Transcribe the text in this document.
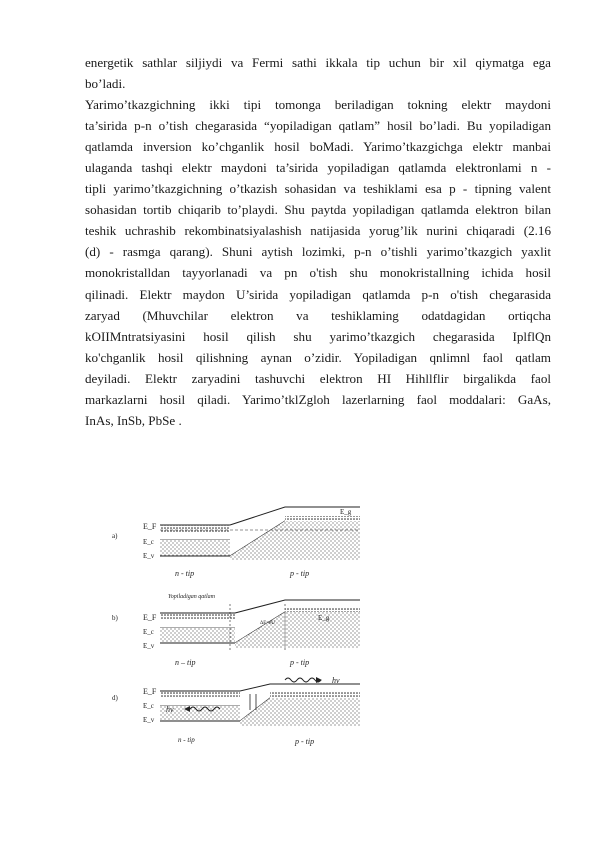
energetik sathlar siljiydi va Fermi sathi ikkala tip uchun bir xil qiymatga ega
bo’ladi.
Yarimo’tkazgichning ikki tipi tomonga beriladigan tokning elektr maydoni
ta’sirida p-n o’tish chegarasida “yopiladigan qatlam” hosil bo’ladi. Bu yopiladigan
qatlamda inversion ko’chganlik hosil boMadi. Yarimo’tkazgichga elektr manbai
ulaganda tashqi elektr maydoni ta’sirida yopiladigan qatlamda elektronlami n -
tipli yarimo’tkazgichning o’tkazish sohasidan va teshiklami esa p - tipning valent
sohasidan tortib chiqarib to’playdi. Shu paytda yopiladigan qatlamda elektron bilan
teshik uchrashib rekombinatsiyalashish natijasida yorug’lik nurini chiqaradi (2.16
(d) - rasmga qarang). Shuni aytish lozimki, p-n o’tishli yarimo’tkazgich yaxlit
monokristalldan tayyorlanadi va pn o'tish shu monokristallning ichida hosil
qilinadi. Elektr maydon U’sirida yopiladigan qatlamda p-n o'tish chegarasida
zaryad (Mhuvchilar elektron va teshiklaming odatdagidan ortiqcha
kOIIMntratsiyasini hosil qilish shu yarimo’tkazgich chegarasida IplflQn
ko'chganlik hosil qilishning aynan o’zidir. Yopiladigan qnlimnl faol qatlam
deyiladi. Elektr zaryadini tashuvchi elektron HI Hihllflir birgalikda faol
markazlarni hosil qiladi. Yarimo’tklZgloh lazerlarning faol moddalari: GaAs,
InAs, InSb, PbSe .
a)
E_F
E_c
E_v
E_g
n - tip	p - tip
b)
Yopiladigan qatlam
E_F
E_c
E_v
ΔE=eU
E_g
n – tip	p - tip
d)
E_F
E_c
E_v
hν
hν
n - tip	p - tip
